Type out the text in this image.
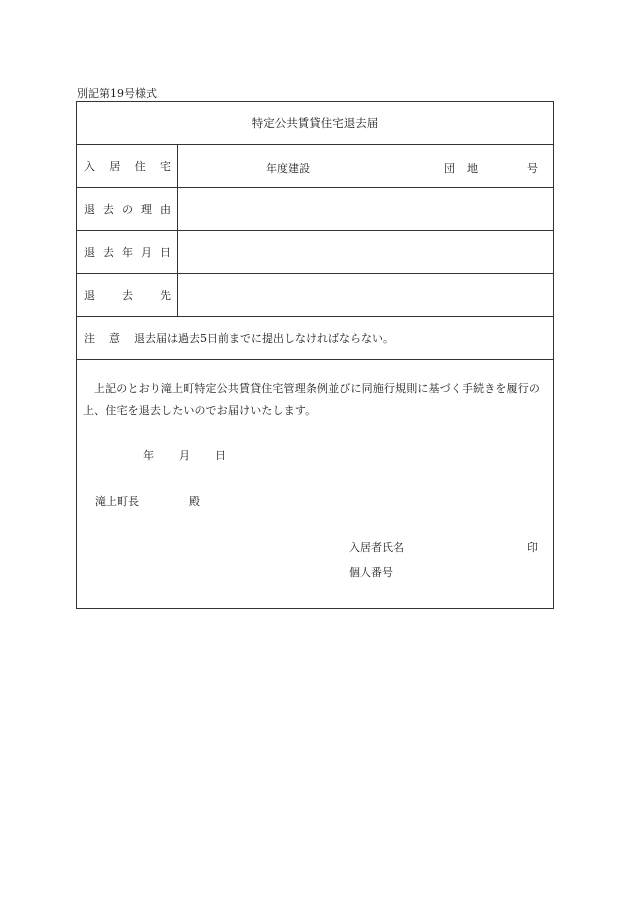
別記第19号様式
特定公共賃貸住宅退去届
入 居 住 宅	年度建設	団 地	号
退 去 の 理 由
退 去 年 月 日
退 去 先
注 意 退去届は過去5日前までに提出しなければならない。

上記のとおり滝上町特定公共賃貸住宅管理条例並びに同施行規則に基づく手続きを履行の上、住宅を退去したいのでお届けいたします。

年 月 日
滝上町長	殿
入居者氏名	印
個人番号
